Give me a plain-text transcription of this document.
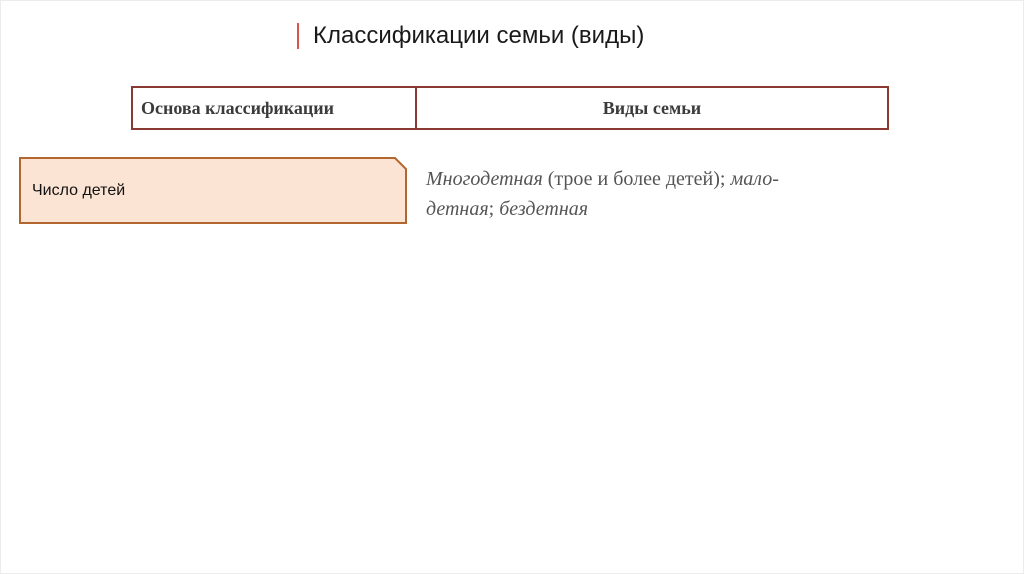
Классификации семьи (виды)
Основа классификации	Виды семьи
Число детей	Многодетная (трое и более детей); мало-
детная; бездетная
